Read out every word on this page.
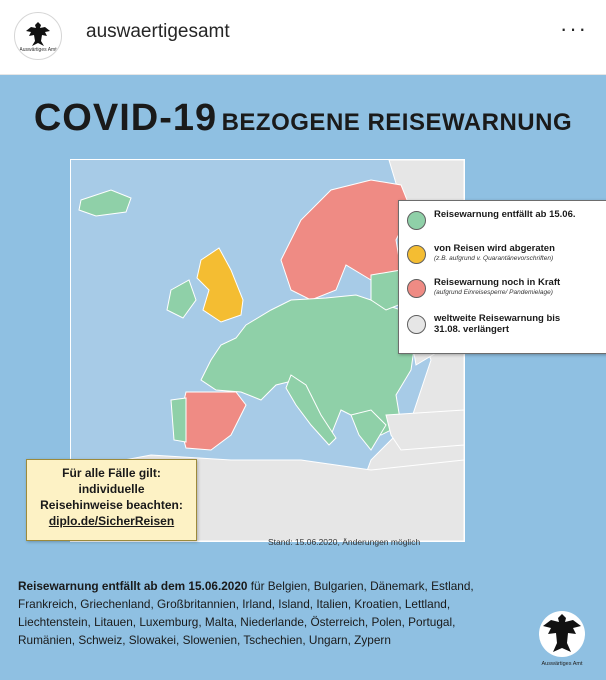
Auswärtiges Amt
auswaertigesamt	···
COVID-19 BEZOGENE REISEWARNUNG
Reisewarnung entfällt ab 15.06.
von Reisen wird abgeraten
(z.B. aufgrund v. Quarantänevorschriften)
Reisewarnung noch in Kraft
(aufgrund Einreisesperre/ Pandemielage)
weltweite Reisewarnung bis
31.08. verlängert
Für alle Fälle gilt:
individuelle
Reisehinweise beachten:
diplo.de/SicherReisen
Stand: 15.06.2020, Änderungen möglich
Reisewarnung entfällt ab dem 15.06.2020 für Belgien, Bulgarien, Dänemark, Estland,
Frankreich, Griechenland, Großbritannien, Irland, Island, Italien, Kroatien, Lettland,
Liechtenstein, Litauen, Luxemburg, Malta, Niederlande, Österreich, Polen, Portugal,
Rumänien, Schweiz, Slowakei, Slowenien, Tschechien, Ungarn, Zypern
Auswärtiges Amt
